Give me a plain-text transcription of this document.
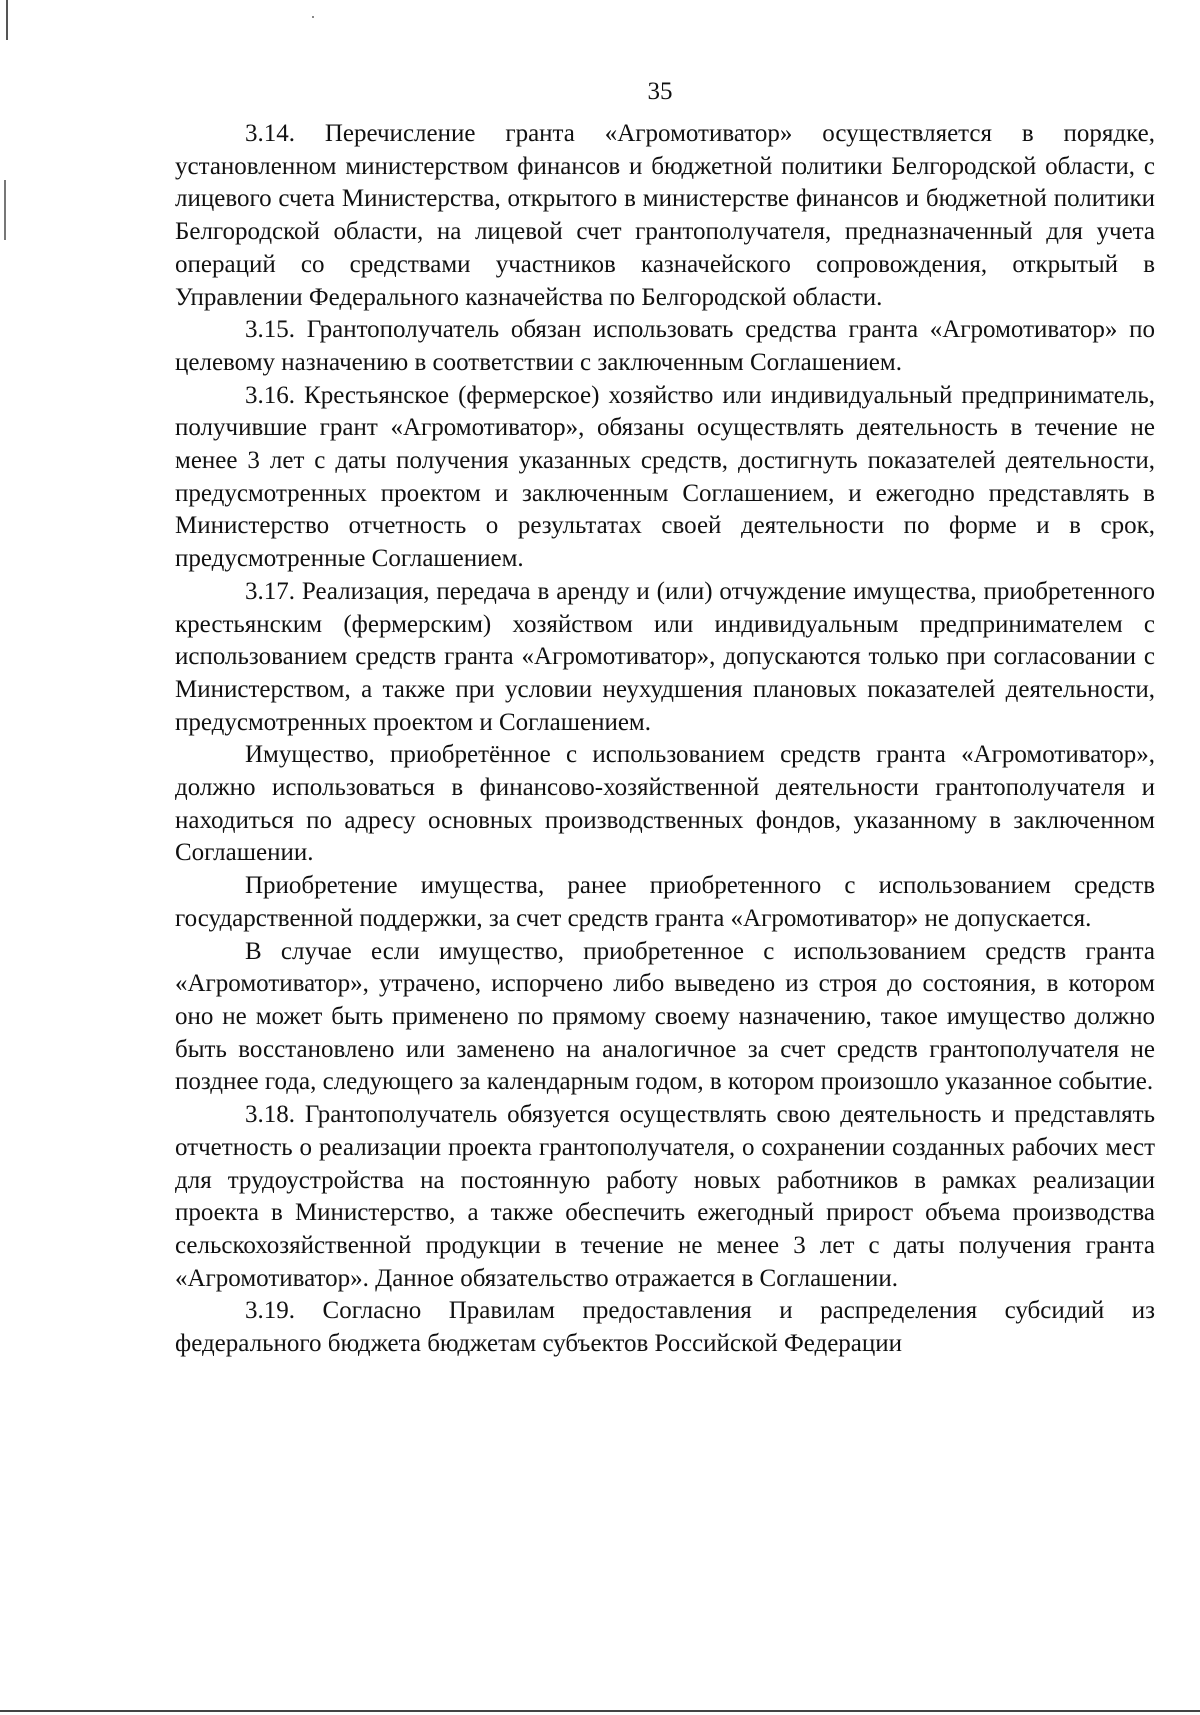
35

3.14. Перечисление гранта «Агромотиватор» осуществляется в порядке, установленном министерством финансов и бюджетной политики Белгородской области, с лицевого счета Министерства, открытого в министерстве финансов и бюджетной политики Белгородской области, на лицевой счет грантополучателя, предназначенный для учета операций со средствами участников казначейского сопровождения, открытый в Управлении Федерального казначейства по Белгородской области.

3.15. Грантополучатель обязан использовать средства гранта «Агромотиватор» по целевому назначению в соответствии с заключенным Соглашением.

3.16. Крестьянское (фермерское) хозяйство или индивидуальный предприниматель, получившие грант «Агромотиватор», обязаны осуществлять деятельность в течение не менее 3 лет с даты получения указанных средств, достигнуть показателей деятельности, предусмотренных проектом и заключенным Соглашением, и ежегодно представлять в Министерство отчетность о результатах своей деятельности по форме и в срок, предусмотренные Соглашением.

3.17. Реализация, передача в аренду и (или) отчуждение имущества, приобретенного крестьянским (фермерским) хозяйством или индивидуальным предпринимателем с использованием средств гранта «Агромотиватор», допускаются только при согласовании с Министерством, а также при условии неухудшения плановых показателей деятельности, предусмотренных проектом и Соглашением.

Имущество, приобретённое с использованием средств гранта «Агромотиватор», должно использоваться в финансово-хозяйственной деятельности грантополучателя и находиться по адресу основных производственных фондов, указанному в заключенном Соглашении.

Приобретение имущества, ранее приобретенного с использованием средств государственной поддержки, за счет средств гранта «Агромотиватор» не допускается.

В случае если имущество, приобретенное с использованием средств гранта «Агромотиватор», утрачено, испорчено либо выведено из строя до состояния, в котором оно не может быть применено по прямому своему назначению, такое имущество должно быть восстановлено или заменено на аналогичное за счет средств грантополучателя не позднее года, следующего за календарным годом, в котором произошло указанное событие.

3.18. Грантополучатель обязуется осуществлять свою деятельность и представлять отчетность о реализации проекта грантополучателя, о сохранении созданных рабочих мест для трудоустройства на постоянную работу новых работников в рамках реализации проекта в Министерство, а также обеспечить ежегодный прирост объема производства сельскохозяйственной продукции в течение не менее 3 лет с даты получения гранта «Агромотиватор». Данное обязательство отражается в Соглашении.

3.19. Согласно Правилам предоставления и распределения субсидий из федерального бюджета бюджетам субъектов Российской Федерации
